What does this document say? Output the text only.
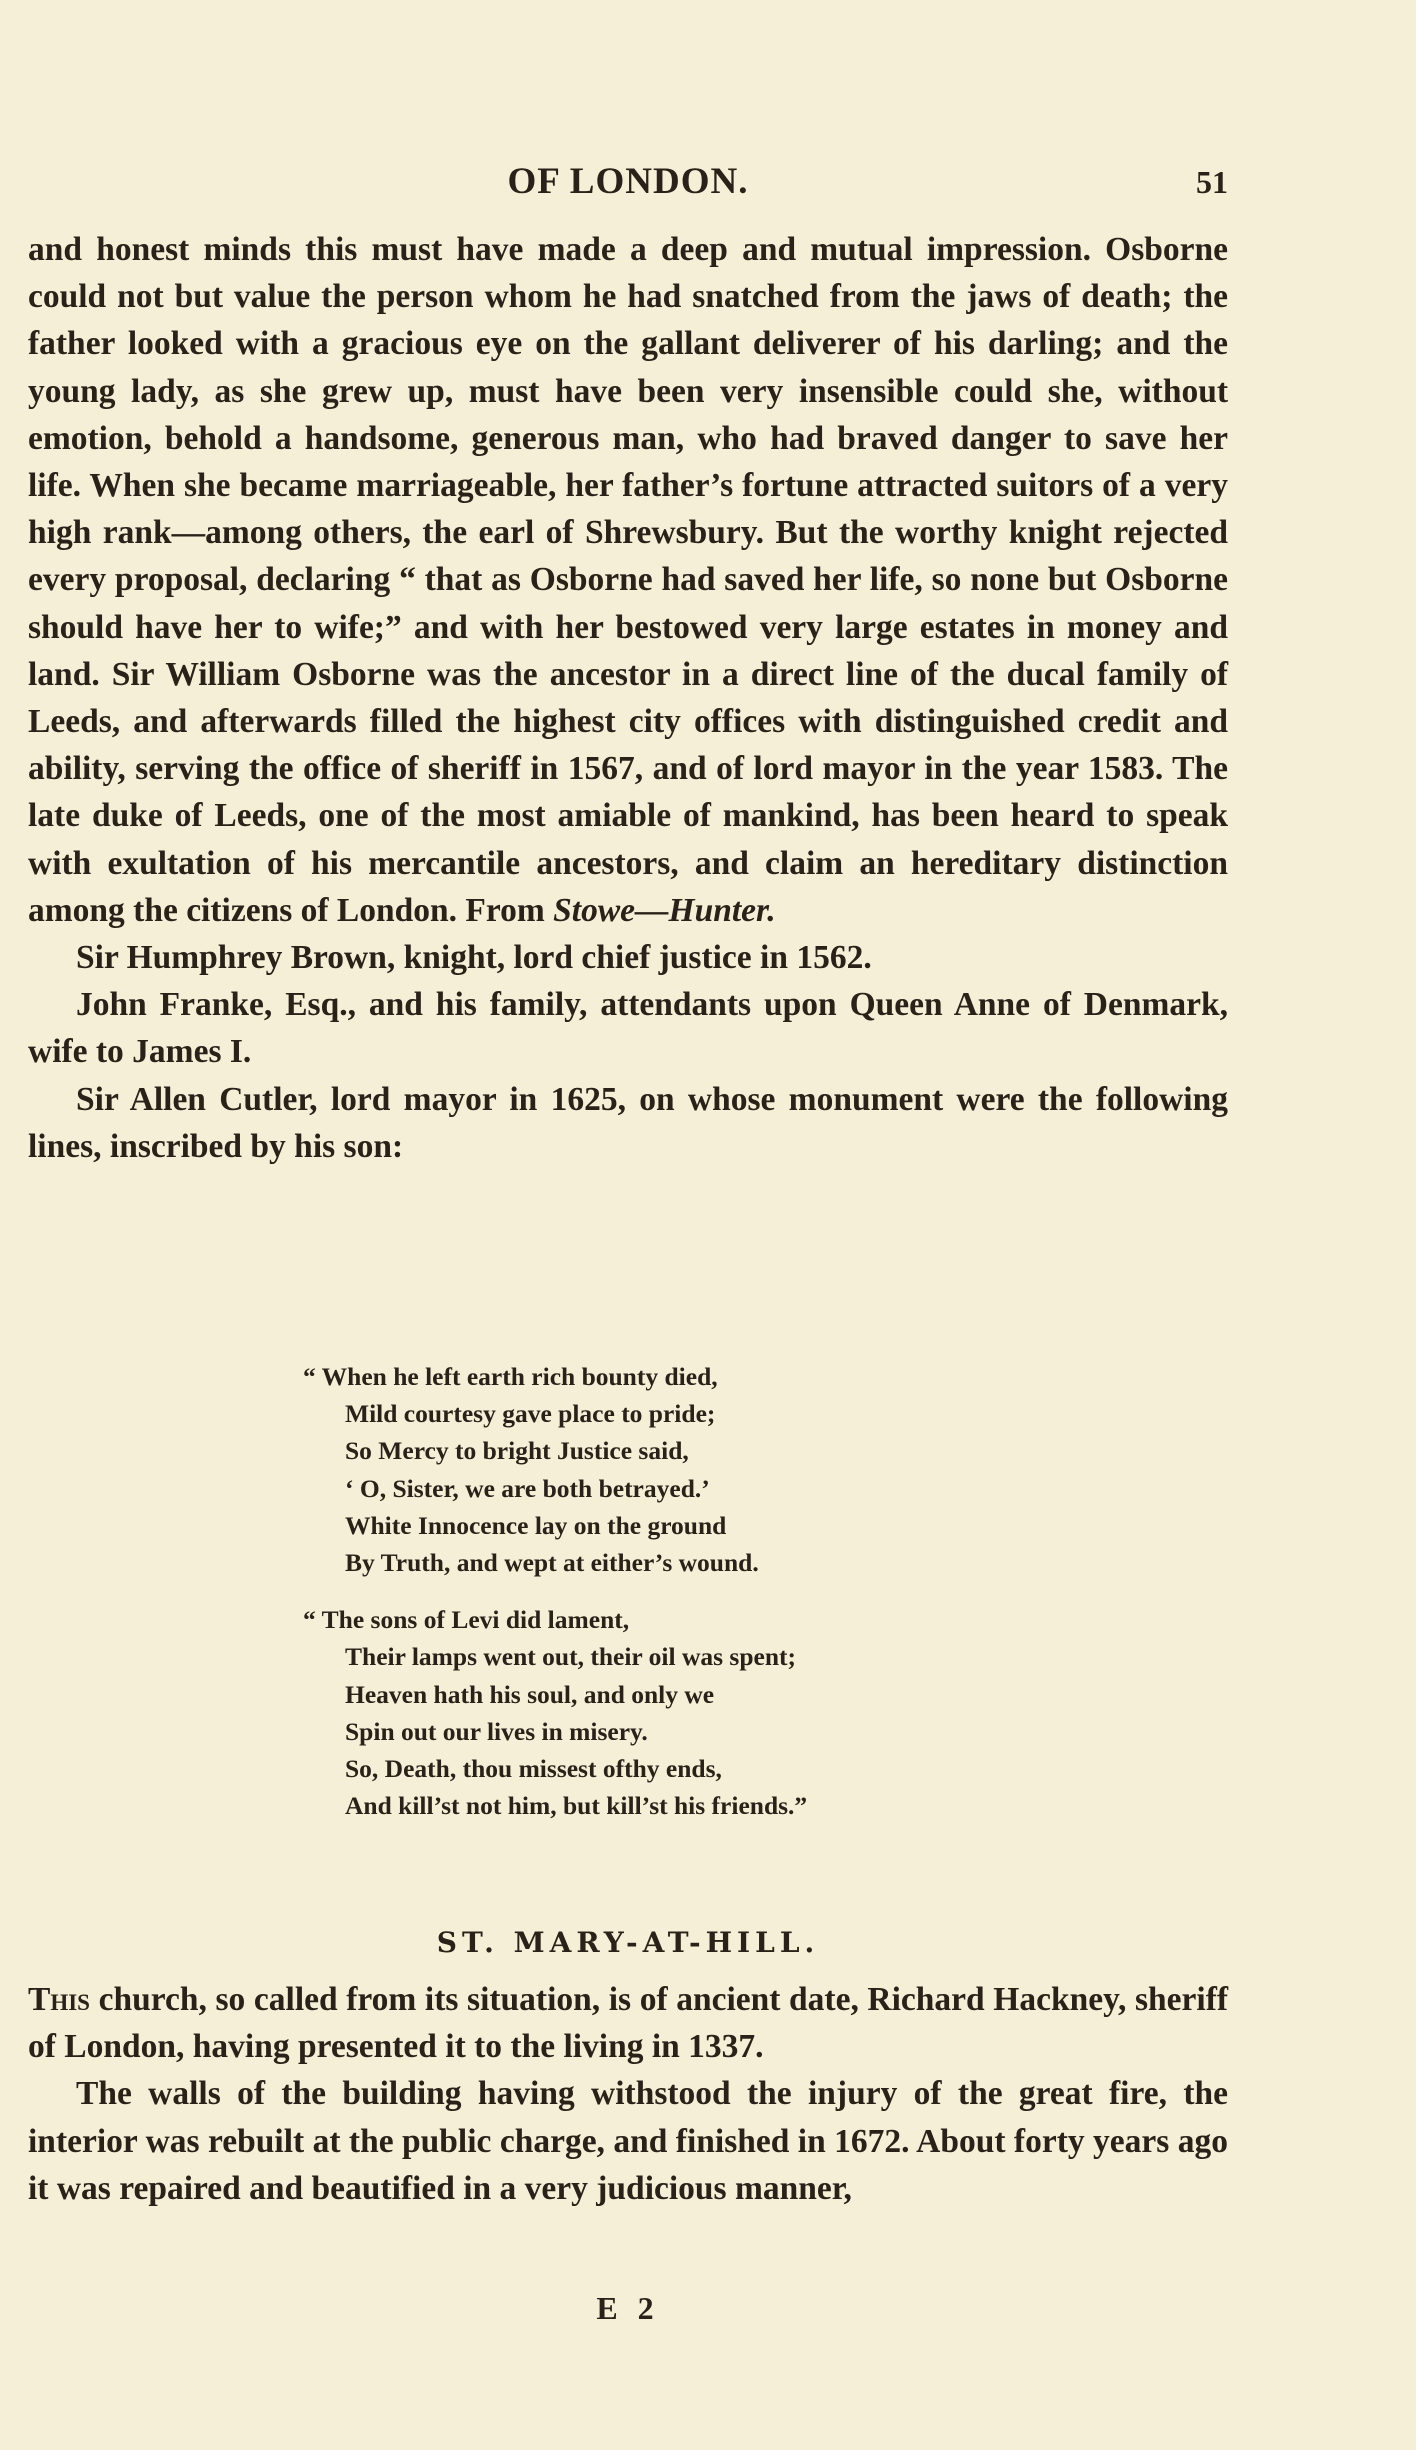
OF LONDON.	51

and honest minds this must have made a deep and mutual impression. Osborne could not but value the person whom he had snatched from the jaws of death; the father looked with a gracious eye on the gallant deliverer of his darling; and the young lady, as she grew up, must have been very insensible could she, without emotion, behold a handsome, generous man, who had braved danger to save her life. When she became marriageable, her father’s fortune attracted suitors of a very high rank—among others, the earl of Shrewsbury. But the worthy knight rejected every proposal, declaring “ that as Osborne had saved her life, so none but Osborne should have her to wife;” and with her bestowed very large estates in money and land. Sir William Osborne was the ancestor in a direct line of the ducal family of Leeds, and afterwards filled the highest city offices with distinguished credit and ability, serving the office of sheriff in 1567, and of lord mayor in the year 1583. The late duke of Leeds, one of the most amiable of mankind, has been heard to speak with exultation of his mercantile ancestors, and claim an hereditary distinction among the citizens of London. From Stowe—Hunter.

Sir Humphrey Brown, knight, lord chief justice in 1562.

John Franke, Esq., and his family, attendants upon Queen Anne of Denmark, wife to James I.

Sir Allen Cutler, lord mayor in 1625, on whose monument were the following lines, inscribed by his son:

“ When he left earth rich bounty died,
Mild courtesy gave place to pride;
So Mercy to bright Justice said,
‘ O, Sister, we are both betrayed.’
White Innocence lay on the ground
By Truth, and wept at either’s wound.
“ The sons of Levi did lament,
Their lamps went out, their oil was spent;
Heaven hath his soul, and only we
Spin out our lives in misery.
So, Death, thou missest ofthy ends,
And kill’st not him, but kill’st his friends.”
ST. MARY-AT-HILL.

This church, so called from its situation, is of ancient date, Richard Hackney, sheriff of London, having presented it to the living in 1337.

The walls of the building having withstood the injury of the great fire, the interior was rebuilt at the public charge, and finished in 1672. About forty years ago it was repaired and beautified in a very judicious manner,

E 2
